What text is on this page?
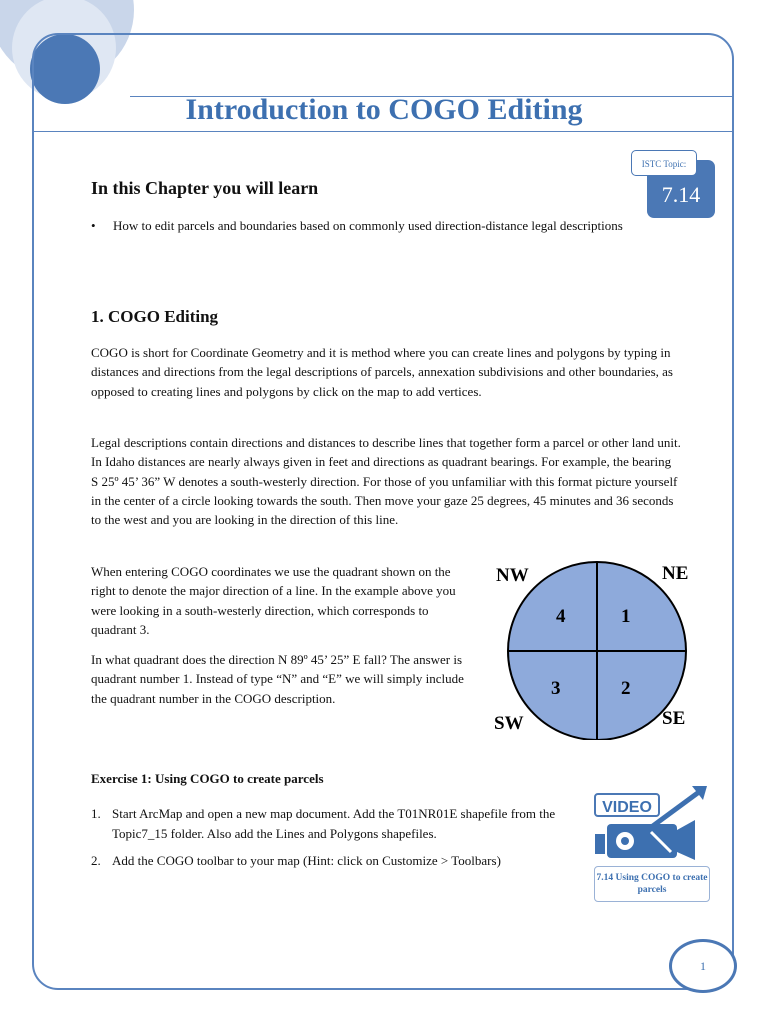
Introduction to COGO Editing
7.14
ISTC Topic:
In this Chapter you will learn
• How to edit parcels and boundaries based on commonly used direction-distance legal descriptions
1. COGO Editing
COGO is short for Coordinate Geometry and it is method where you can create lines and polygons by typing in distances and directions from the legal descriptions of parcels, annexation subdivisions and other boundaries, as opposed to creating lines and polygons by click on the map to add vertices.
Legal descriptions contain directions and distances to describe lines that together form a parcel or other land unit. In Idaho distances are nearly always given in feet and directions as quadrant bearings. For example, the bearing S 25º 45’ 36” W denotes a south-westerly direction. For those of you unfamiliar with this format picture yourself in the center of a circle looking towards the south. Then move your gaze 25 degrees, 45 minutes and 36 seconds to the west and you are looking in the direction of this line.
When entering COGO coordinates we use the quadrant shown on the right to denote the major direction of a line. In the example above you were looking in a south-westerly direction, which corresponds to quadrant 3.
In what quadrant does the direction N 89º 45’ 25” E fall? The answer is quadrant number 1. Instead of type “N” and “E” we will simply include the quadrant number in the COGO description.
NW	NE
SW	SE
4	1
3	2
Exercise 1: Using COGO to create parcels
1. Start ArcMap and open a new map document. Add the T01NR01E shapefile from the Topic7_15 folder. Also add the Lines and Polygons shapefiles.
2. Add the COGO toolbar to your map (Hint: click on Customize > Toolbars)
VIDEO
7.14 Using COGO to create parcels
1
